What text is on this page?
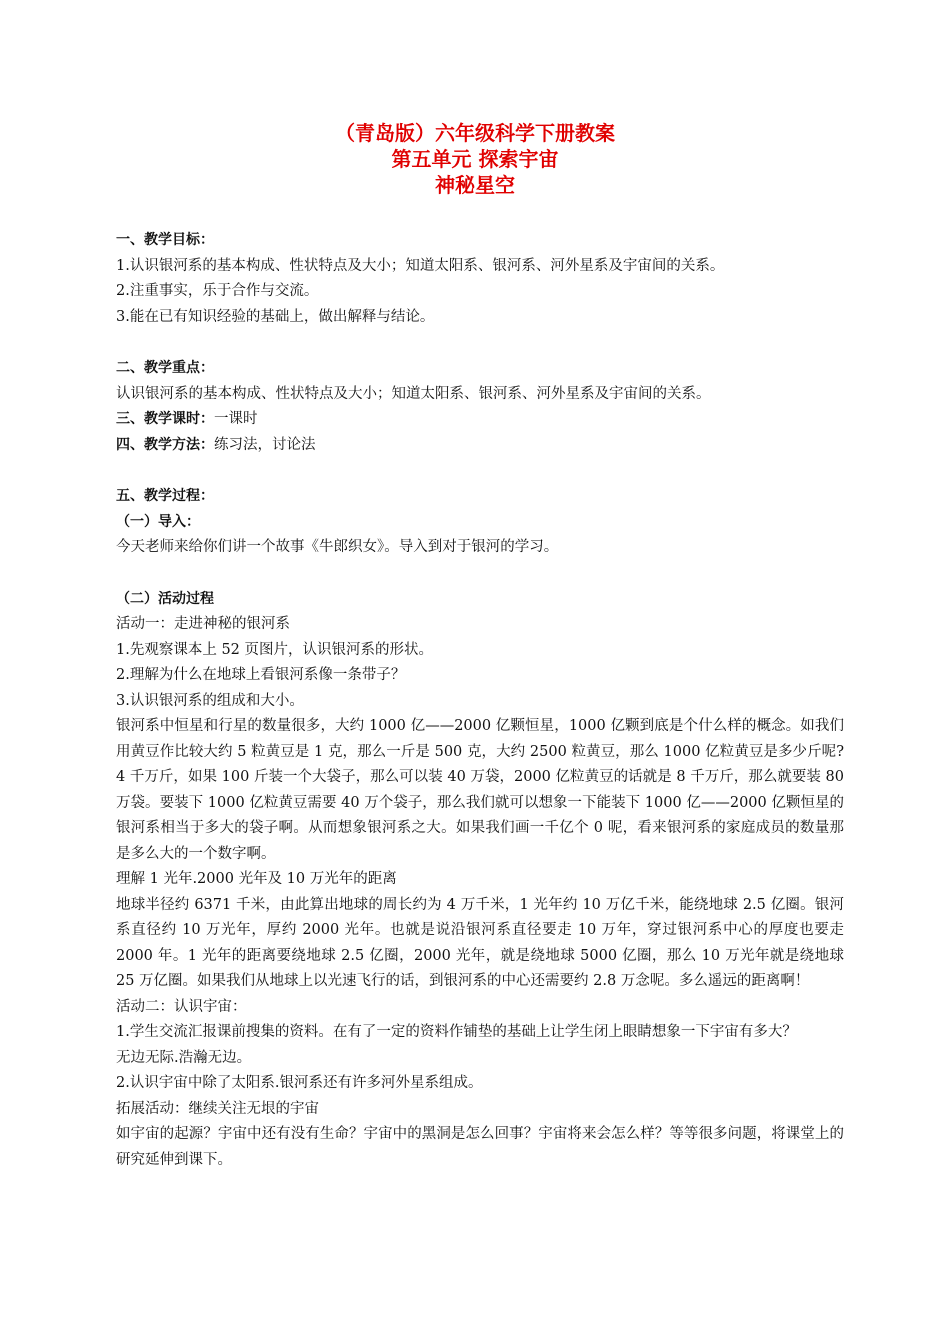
（青岛版）六年级科学下册教案
第五单元 探索宇宙
神秘星空

一、教学目标：

1.认识银河系的基本构成、性状特点及大小；知道太阳系、银河系、河外星系及宇宙间的关系。

2.注重事实，乐于合作与交流。

3.能在已有知识经验的基础上，做出解释与结论。

二、教学重点：

认识银河系的基本构成、性状特点及大小；知道太阳系、银河系、河外星系及宇宙间的关系。

三、教学课时：一课时

四、教学方法：练习法，讨论法

五、教学过程：

（一）导入：

今天老师来给你们讲一个故事《牛郎织女》。导入到对于银河的学习。

（二）活动过程

活动一：走进神秘的银河系

1.先观察课本上 52 页图片，认识银河系的形状。

2.理解为什么在地球上看银河系像一条带子？

3.认识银河系的组成和大小。

银河系中恒星和行星的数量很多，大约 1000 亿——2000 亿颗恒星，1000 亿颗到底是个什么样的概念。如我们用黄豆作比较大约 5 粒黄豆是 1 克，那么一斤是 500 克，大约 2500 粒黄豆，那么 1000 亿粒黄豆是多少斤呢?4 千万斤，如果 100 斤装一个大袋子，那么可以装 40 万袋，2000 亿粒黄豆的话就是 8 千万斤，那么就要装 80 万袋。要装下 1000 亿粒黄豆需要 40 万个袋子，那么我们就可以想象一下能装下 1000 亿——2000 亿颗恒星的银河系相当于多大的袋子啊。从而想象银河系之大。如果我们画一千亿个 0 呢，看来银河系的家庭成员的数量那是多么大的一个数字啊。

理解 1 光年.2000 光年及 10 万光年的距离

地球半径约 6371 千米，由此算出地球的周长约为 4 万千米，1 光年约 10 万亿千米，能绕地球 2.5 亿圈。银河系直径约 10 万光年，厚约 2000 光年。也就是说沿银河系直径要走 10 万年，穿过银河系中心的厚度也要走 2000 年。1 光年的距离要绕地球 2.5 亿圈，2000 光年，就是绕地球 5000 亿圈，那么 10 万光年就是绕地球 25 万亿圈。如果我们从地球上以光速飞行的话，到银河系的中心还需要约 2.8 万念呢。多么遥远的距离啊！

活动二：认识宇宙：

1.学生交流汇报课前搜集的资料。在有了一定的资料作铺垫的基础上让学生闭上眼睛想象一下宇宙有多大？

无边无际.浩瀚无边。

2.认识宇宙中除了太阳系.银河系还有许多河外星系组成。

拓展活动：继续关注无垠的宇宙

如宇宙的起源？宇宙中还有没有生命？宇宙中的黑洞是怎么回事？宇宙将来会怎么样？等等很多问题，将课堂上的研究延伸到课下。
